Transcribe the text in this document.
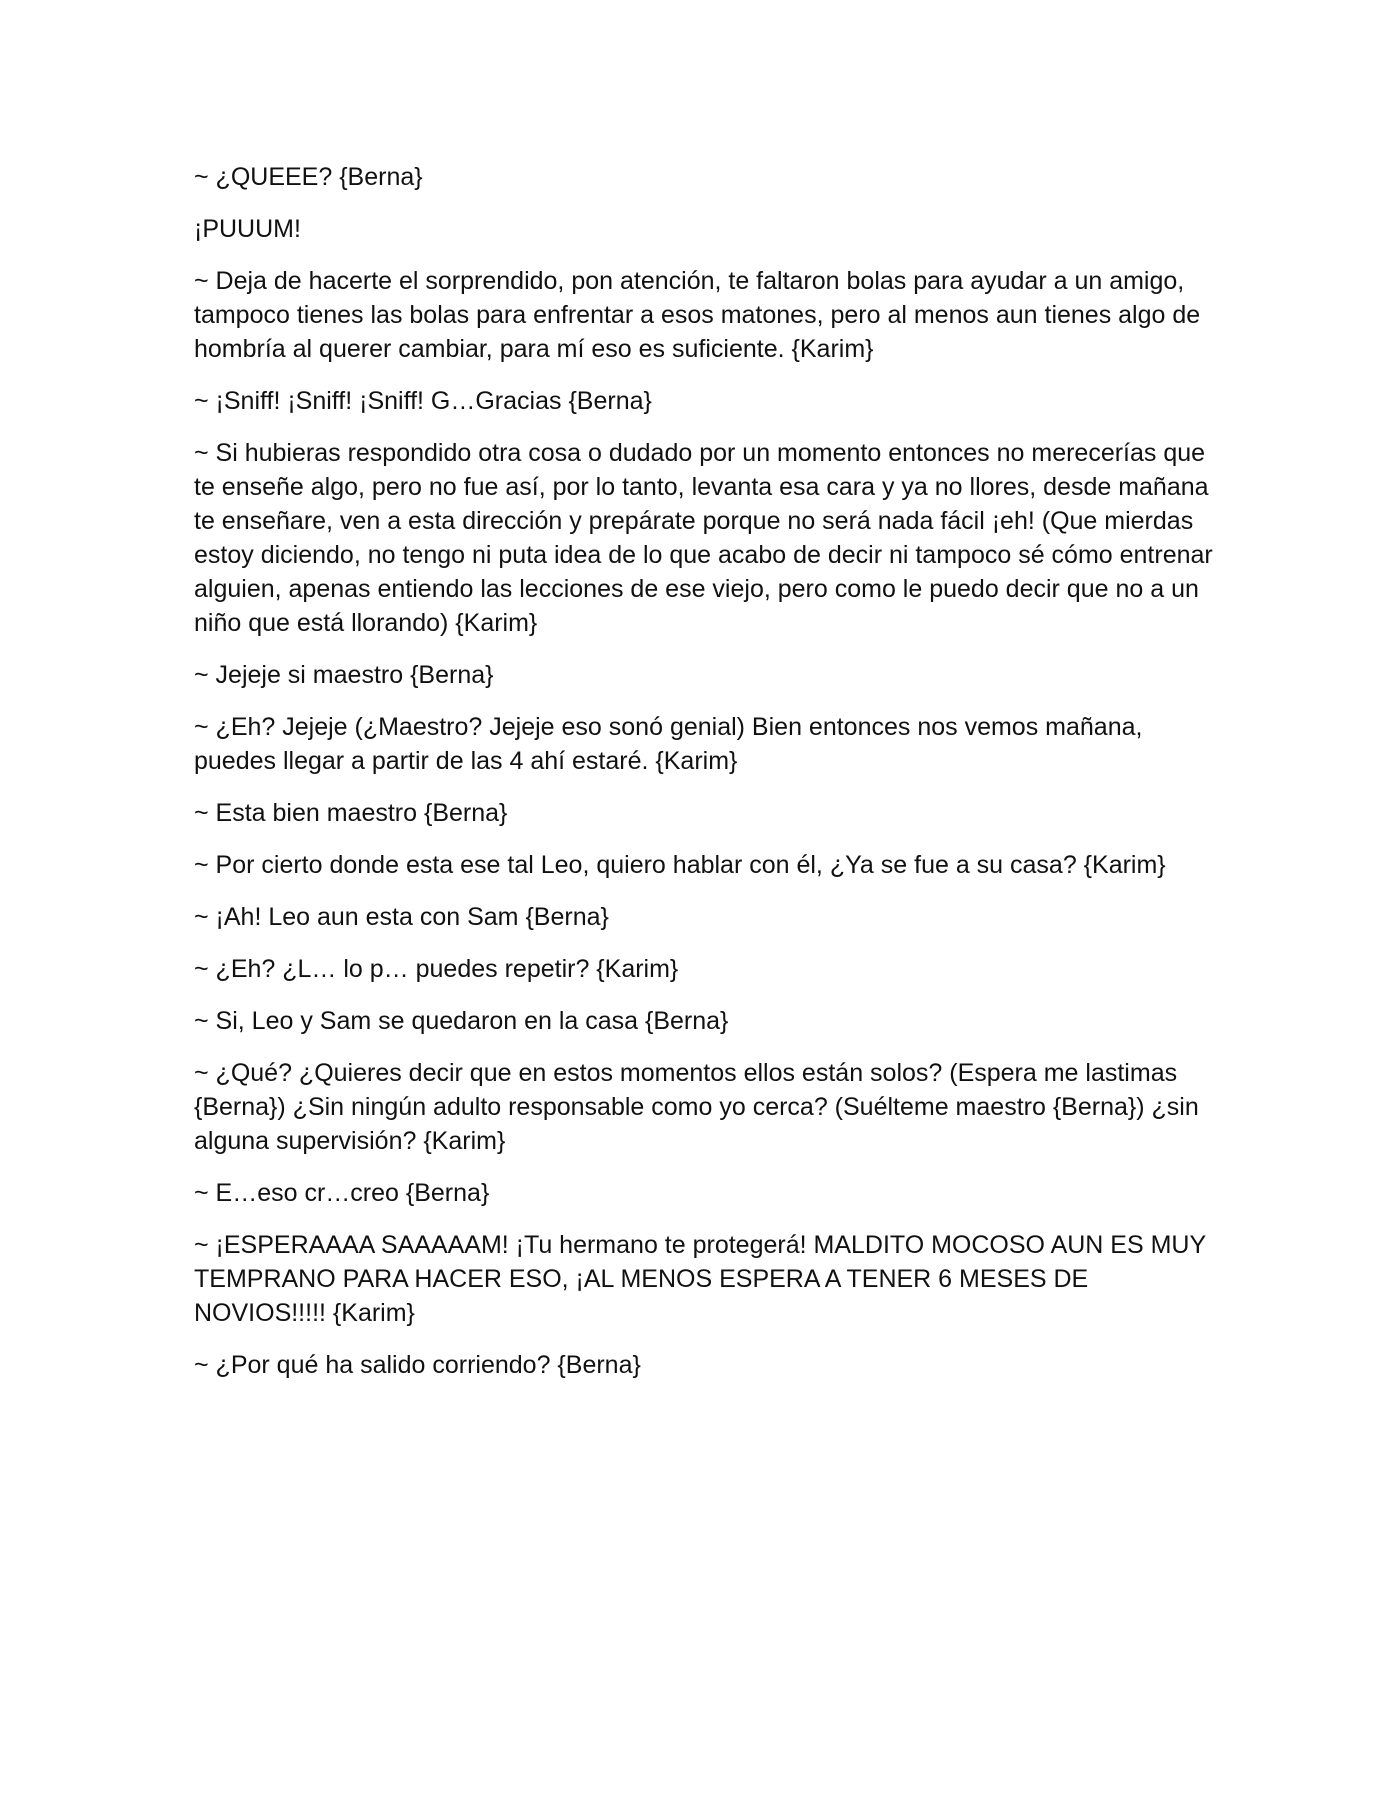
~ ¿QUEEE? {Berna}

¡PUUUM!

~ Deja de hacerte el sorprendido, pon atención, te faltaron bolas para ayudar a un amigo, tampoco tienes las bolas para enfrentar a esos matones, pero al menos aun tienes algo de hombría al querer cambiar, para mí eso es suficiente. {Karim}

~ ¡Sniff! ¡Sniff! ¡Sniff! G…Gracias {Berna}

~ Si hubieras respondido otra cosa o dudado por un momento entonces no merecerías que te enseñe algo, pero no fue así, por lo tanto, levanta esa cara y ya no llores, desde mañana te enseñare, ven a esta dirección y prepárate porque no será nada fácil ¡eh! (Que mierdas estoy diciendo, no tengo ni puta idea de lo que acabo de decir ni tampoco sé cómo entrenar alguien, apenas entiendo las lecciones de ese viejo, pero como le puedo decir que no a un niño que está llorando) {Karim}

~ Jejeje si maestro {Berna}

~ ¿Eh? Jejeje (¿Maestro? Jejeje eso sonó genial) Bien entonces nos vemos mañana, puedes llegar a partir de las 4 ahí estaré. {Karim}

~ Esta bien maestro {Berna}

~ Por cierto donde esta ese tal Leo, quiero hablar con él, ¿Ya se fue a su casa? {Karim}

~ ¡Ah! Leo aun esta con Sam {Berna}

~ ¿Eh? ¿L… lo p… puedes repetir? {Karim}

~ Si, Leo y Sam se quedaron en la casa {Berna}

~ ¿Qué? ¿Quieres decir que en estos momentos ellos están solos? (Espera me lastimas {Berna}) ¿Sin ningún adulto responsable como yo cerca? (Suélteme maestro {Berna}) ¿sin alguna supervisión? {Karim}

~ E…eso cr…creo {Berna}

~ ¡ESPERAAAA SAAAAAM! ¡Tu hermano te protegerá! MALDITO MOCOSO AUN ES MUY TEMPRANO PARA HACER ESO, ¡AL MENOS ESPERA A TENER 6 MESES DE NOVIOS!!!!! {Karim}

~ ¿Por qué ha salido corriendo? {Berna}
